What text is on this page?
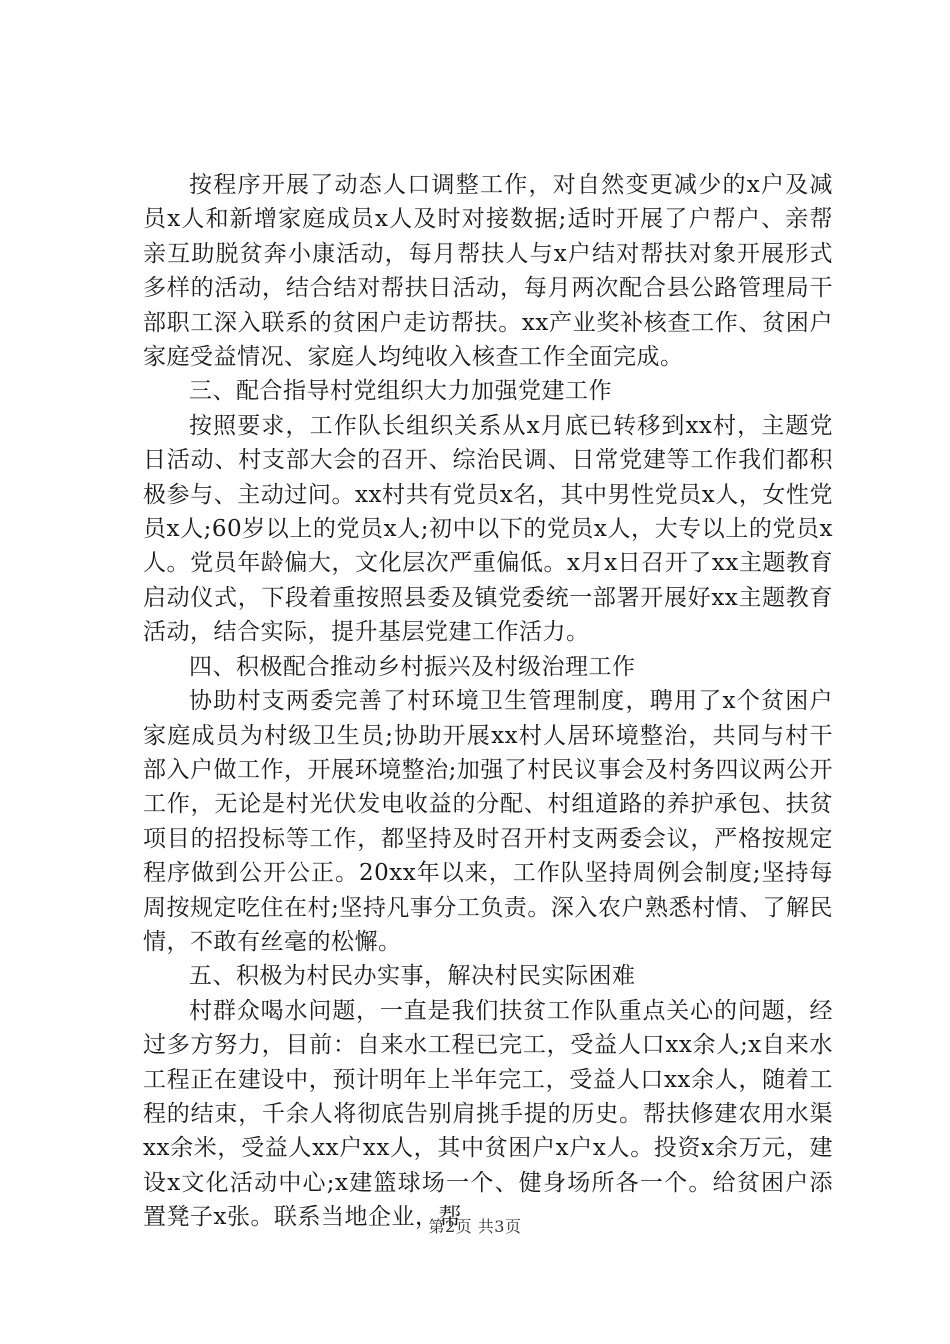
按程序开展了动态人口调整工作，对自然变更减少的x户及减员x人和新增家庭成员x人及时对接数据;适时开展了户帮户、亲帮亲互助脱贫奔小康活动，每月帮扶人与x户结对帮扶对象开展形式多样的活动，结合结对帮扶日活动，每月两次配合县公路管理局干部职工深入联系的贫困户走访帮扶。xx产业奖补核查工作、贫困户家庭受益情况、家庭人均纯收入核查工作全面完成。

三、配合指导村党组织大力加强党建工作

按照要求，工作队长组织关系从x月底已转移到xx村，主题党日活动、村支部大会的召开、综治民调、日常党建等工作我们都积极参与、主动过问。xx村共有党员x名，其中男性党员x人，女性党员x人;60岁以上的党员x人;初中以下的党员x人，大专以上的党员x人。党员年龄偏大，文化层次严重偏低。x月x日召开了xx主题教育启动仪式，下段着重按照县委及镇党委统一部署开展好xx主题教育活动，结合实际，提升基层党建工作活力。

四、积极配合推动乡村振兴及村级治理工作

协助村支两委完善了村环境卫生管理制度，聘用了x个贫困户家庭成员为村级卫生员;协助开展xx村人居环境整治，共同与村干部入户做工作，开展环境整治;加强了村民议事会及村务四议两公开工作，无论是村光伏发电收益的分配、村组道路的养护承包、扶贫项目的招投标等工作，都坚持及时召开村支两委会议，严格按规定程序做到公开公正。20xx年以来，工作队坚持周例会制度;坚持每周按规定吃住在村;坚持凡事分工负责。深入农户熟悉村情、了解民情，不敢有丝毫的松懈。

五、积极为村民办实事，解决村民实际困难

村群众喝水问题，一直是我们扶贫工作队重点关心的问题，经过多方努力，目前：自来水工程已完工，受益人口xx余人;x自来水工程正在建设中，预计明年上半年完工，受益人口xx余人，随着工程的结束，千余人将彻底告别肩挑手提的历史。帮扶修建农用水渠xx余米，受益人xx户xx人，其中贫困户x户x人。投资x余万元，建设x文化活动中心;x建篮球场一个、健身场所各一个。给贫困户添置凳子x张。联系当地企业，帮

第2页 共3页
